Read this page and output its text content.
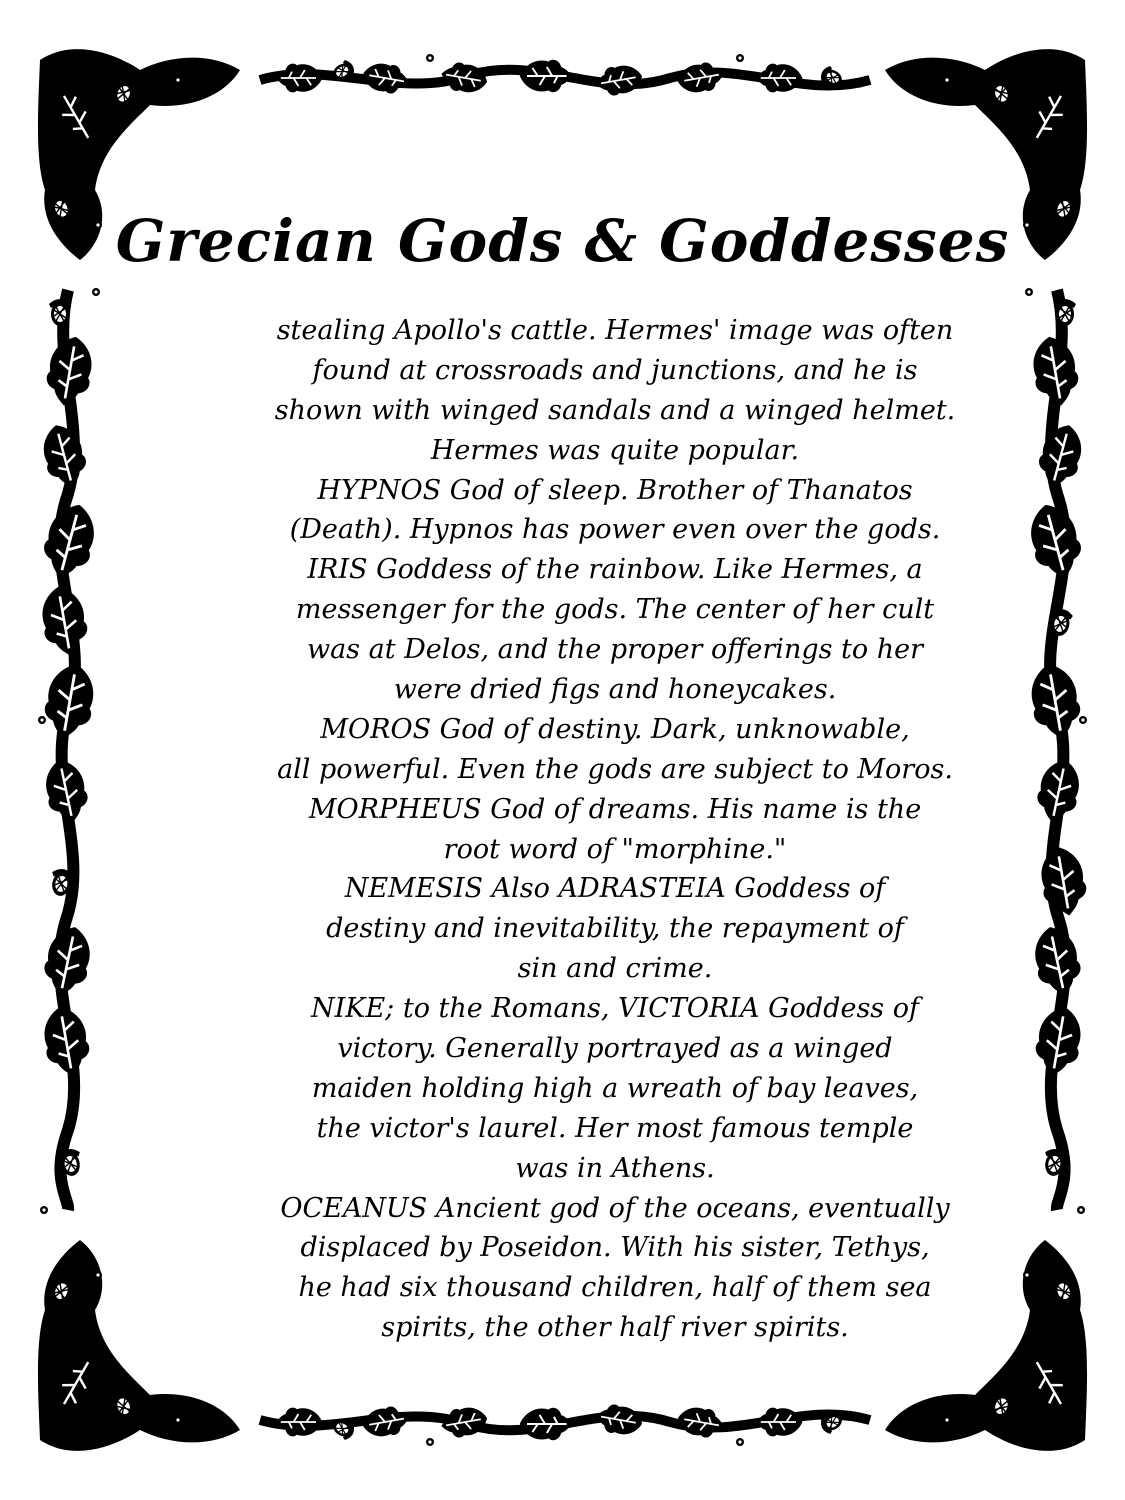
Grecian Gods & Goddesses
stealing Apollo's cattle. Hermes' image was often
found at crossroads and junctions, and he is
shown with winged sandals and a winged helmet.
Hermes was quite popular.
HYPNOS God of sleep. Brother of Thanatos
(Death). Hypnos has power even over the gods.
IRIS Goddess of the rainbow. Like Hermes, a
messenger for the gods. The center of her cult
was at Delos, and the proper offerings to her
were dried figs and honeycakes.
MOROS God of destiny. Dark, unknowable,
all powerful. Even the gods are subject to Moros.
MORPHEUS God of dreams. His name is the
root word of "morphine."
NEMESIS Also ADRASTEIA Goddess of
destiny and inevitability, the repayment of
sin and crime.
NIKE; to the Romans, VICTORIA Goddess of
victory. Generally portrayed as a winged
maiden holding high a wreath of bay leaves,
the victor's laurel. Her most famous temple
was in Athens.
OCEANUS Ancient god of the oceans, eventually
displaced by Poseidon. With his sister, Tethys,
he had six thousand children, half of them sea
spirits, the other half river spirits.
